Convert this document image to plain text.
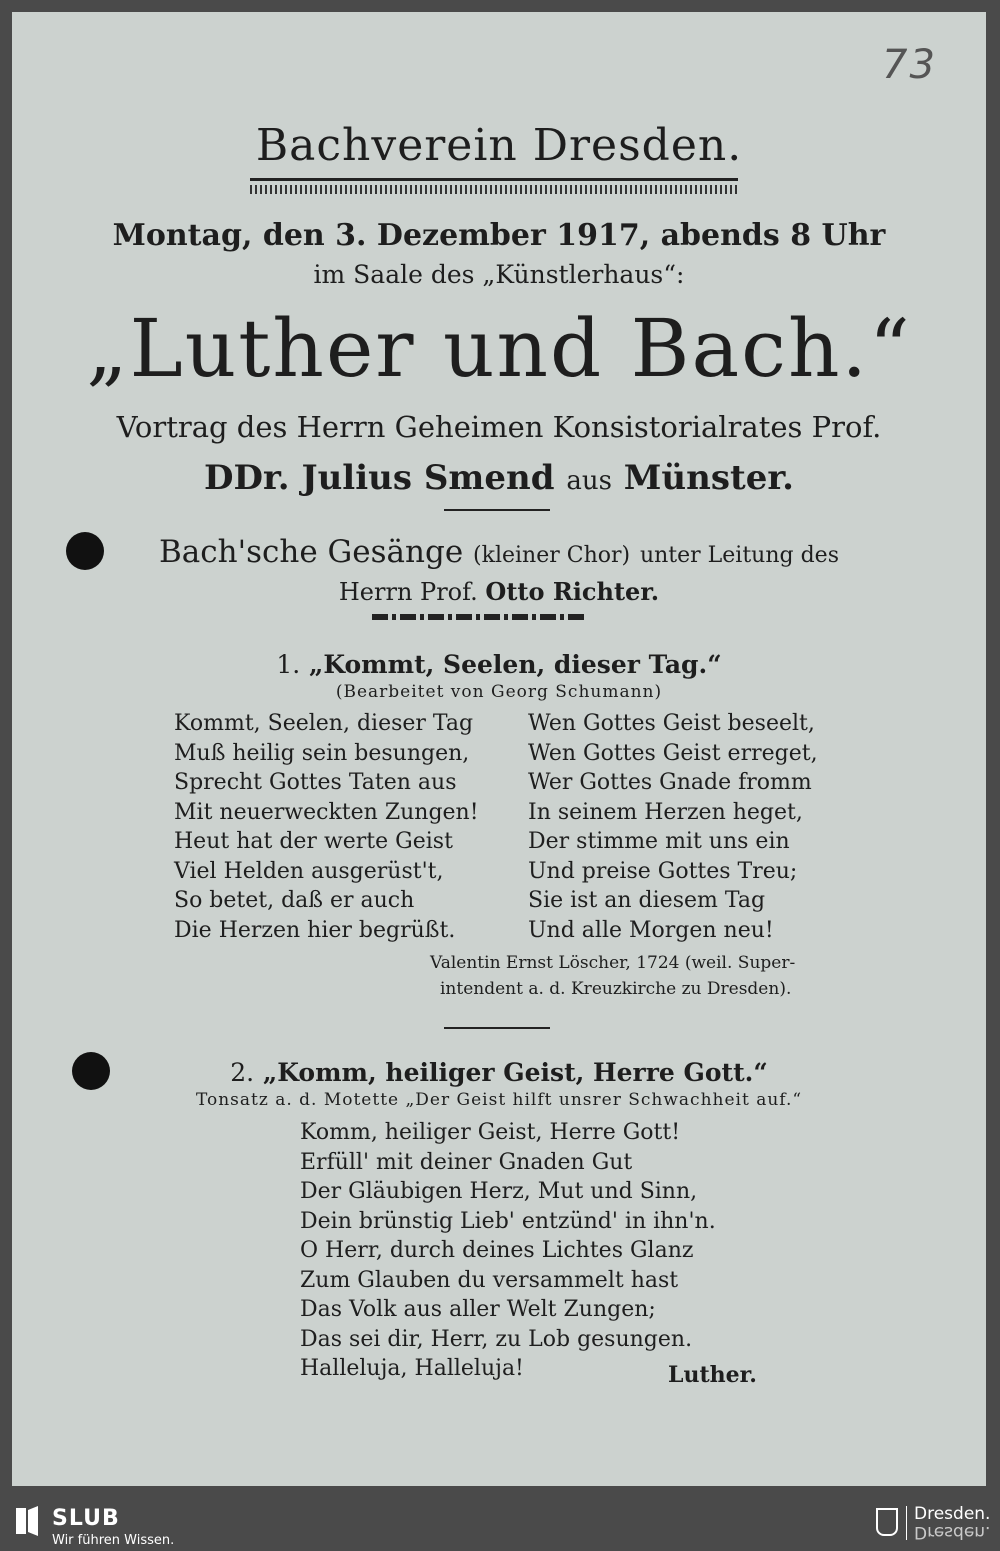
73
Bachverein Dresden.
Montag, den 3. Dezember 1917, abends 8 Uhr
im Saale des „Künstlerhaus“:
„Luther und Bach.“
Vortrag des Herrn Geheimen Konsistorialrates Prof.
DDr. Julius Smend aus Münster.
Bach'sche Gesänge (kleiner Chor) unter Leitung des
Herrn Prof. Otto Richter.
1. „Kommt, Seelen, dieser Tag.“
(Bearbeitet von Georg Schumann)
Kommt, Seelen, dieser Tag
Muß heilig sein besungen,
Sprecht Gottes Taten aus
Mit neuerweckten Zungen!
Heut hat der werte Geist
Viel Helden ausgerüst't,
So betet, daß er auch
Die Herzen hier begrüßt.
Wen Gottes Geist beseelt,
Wen Gottes Geist erreget,
Wer Gottes Gnade fromm
In seinem Herzen heget,
Der stimme mit uns ein
Und preise Gottes Treu;
Sie ist an diesem Tag
Und alle Morgen neu!
Valentin Ernst Löscher, 1724 (weil. Super-
intendent a. d. Kreuzkirche zu Dresden).
2. „Komm, heiliger Geist, Herre Gott.“
Tonsatz a. d. Motette „Der Geist hilft unsrer Schwachheit auf.“
Komm, heiliger Geist, Herre Gott!
Erfüll' mit deiner Gnaden Gut
Der Gläubigen Herz, Mut und Sinn,
Dein brünstig Lieb' entzünd' in ihn'n.
O Herr, durch deines Lichtes Glanz
Zum Glauben du versammelt hast
Das Volk aus aller Welt Zungen;
Das sei dir, Herr, zu Lob gesungen.
Halleluja, Halleluja!	Luther.
SLUB
Wir führen Wissen.
Dresden.
Dresden.
